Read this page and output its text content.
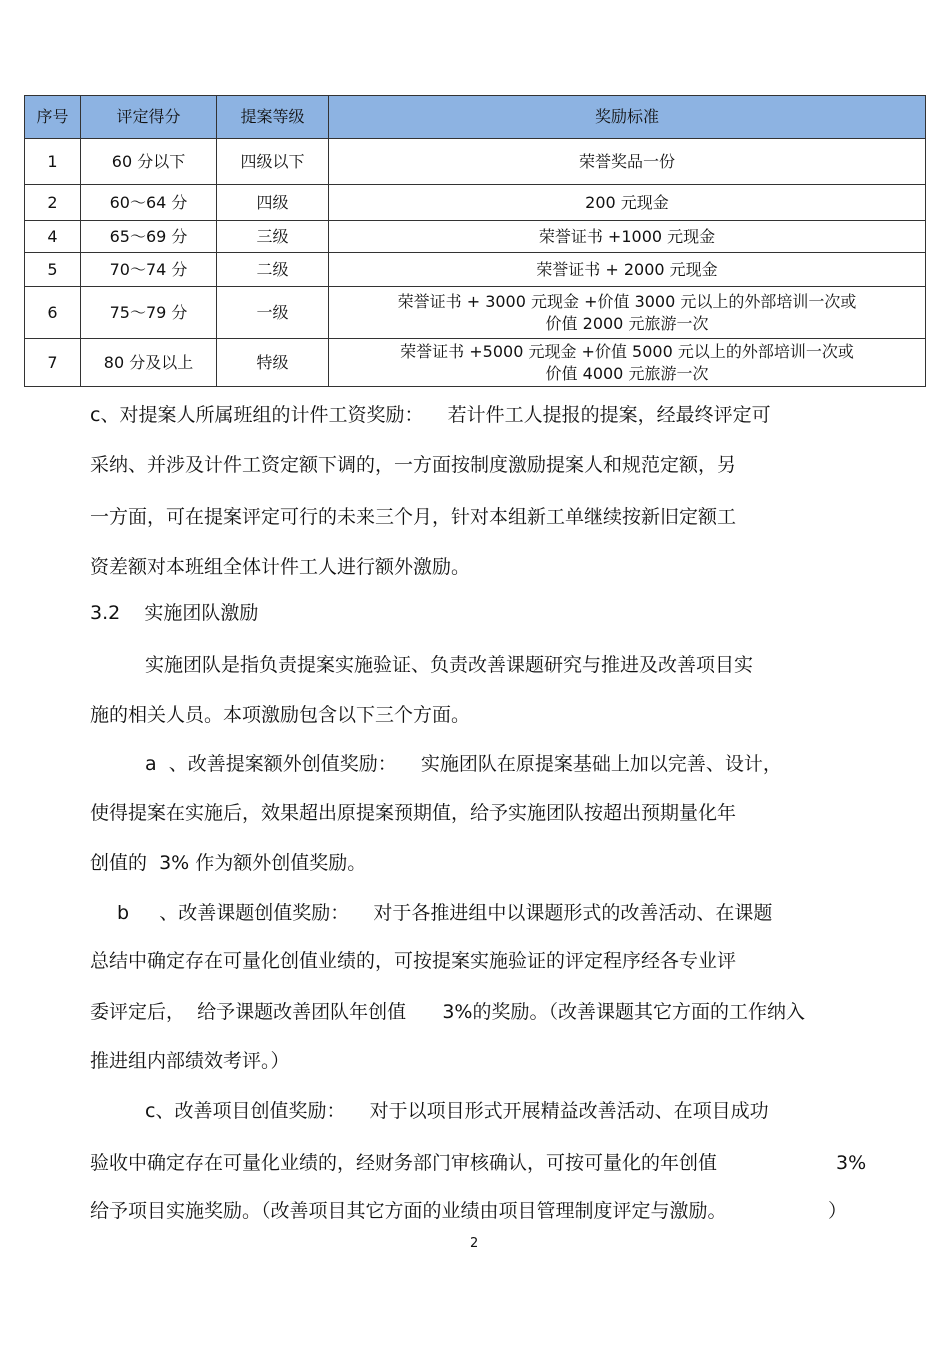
序号	评定得分	提案等级	奖励标准
1	60 分以下	四级以下	荣誉奖品一份

2	60～64 分	四级	200 元现金

4	65～69 分	三级	荣誉证书 +1000 元现金

5	70～74 分	二级	荣誉证书 + 2000 元现金

6	75～79 分	一级	荣誉证书 + 3000 元现金 +价值 3000 元以上的外部培训一次或
价值 2000 元旅游一次

7	80 分及以上	特级	荣誉证书 +5000 元现金 +价值 5000 元以上的外部培训一次或
价值 4000 元旅游一次
c、对提案人所属班组的计件工资奖励：    若计件工人提报的提案，经最终评定可
采纳、并涉及计件工资定额下调的，一方面按制度激励提案人和规范定额，另
一方面，可在提案评定可行的未来三个月，针对本组新工单继续按新旧定额工
资差额对本班组全体计件工人进行额外激励。
3.2    实施团队激励
实施团队是指负责提案实施验证、负责改善课题研究与推进及改善项目实
施的相关人员。本项激励包含以下三个方面。
a  、改善提案额外创值奖励：    实施团队在原提案基础上加以完善、设计，
使得提案在实施后，效果超出原提案预期值，给予实施团队按超出预期量化年
创值的  3% 作为额外创值奖励。
b     、改善课题创值奖励：    对于各推进组中以课题形式的改善活动、在课题
总结中确定存在可量化创值业绩的，可按提案实施验证的评定程序经各专业评
委评定后，  给予课题改善团队年创值      3%的奖励。（改善课题其它方面的工作纳入
推进组内部绩效考评。）
c、改善项目创值奖励：    对于以项目形式开展精益改善活动、在项目成功
验收中确定存在可量化业绩的，经财务部门审核确认，可按可量化的年创值	3%
给予项目实施奖励。（改善项目其它方面的业绩由项目管理制度评定与激励。	）
2
